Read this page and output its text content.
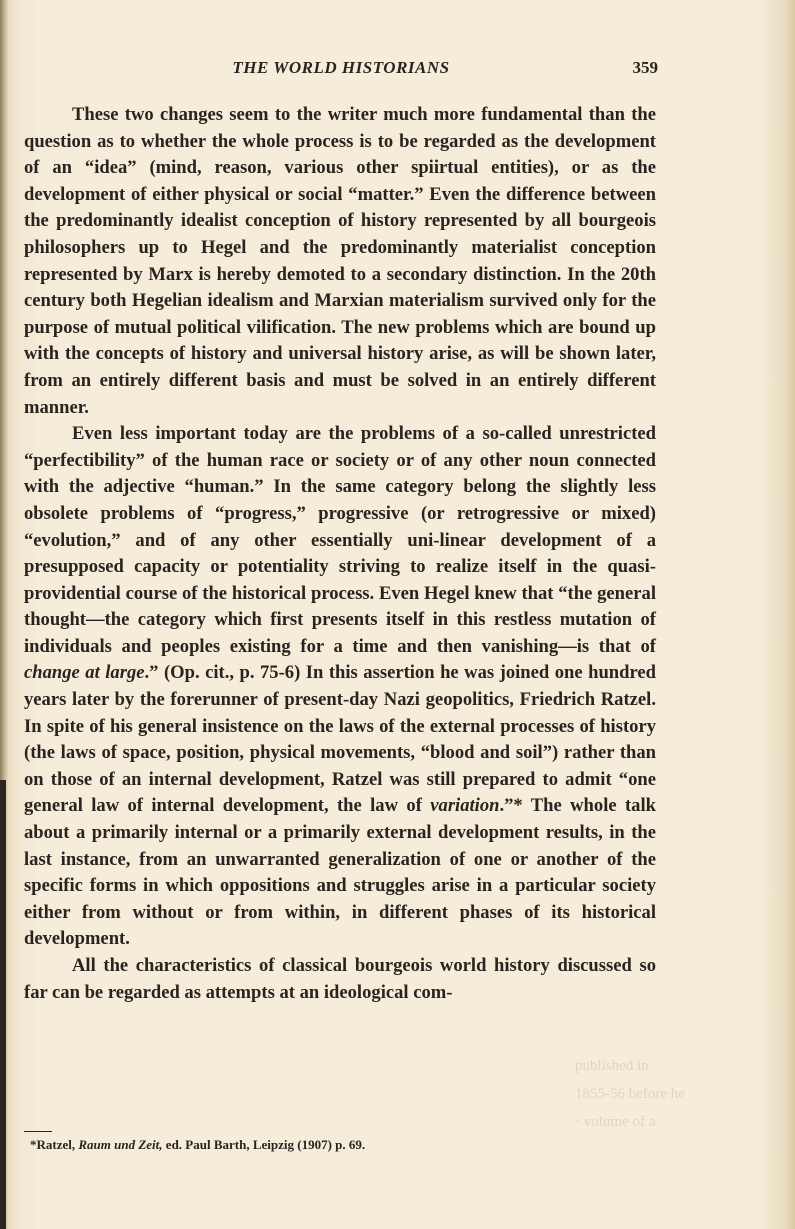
THE WORLD HISTORIANS	359

These two changes seem to the writer much more fundamental than the question as to whether the whole process is to be regarded as the development of an “idea” (mind, reason, various other spiirtual entities), or as the development of either physical or social “matter.” Even the difference between the predominantly idealist conception of history represented by all bourgeois philosophers up to Hegel and the predominantly materialist conception represented by Marx is hereby demoted to a secondary distinction. In the 20th century both Hegelian idealism and Marxian materialism survived only for the purpose of mutual political vilification. The new problems which are bound up with the concepts of history and universal history arise, as will be shown later, from an entirely different basis and must be solved in an entirely different manner.

Even less important today are the problems of a so-called unrestricted “perfectibility” of the human race or society or of any other noun connected with the adjective “human.” In the same category belong the slightly less obsolete problems of “progress,” progressive (or retrogressive or mixed) “evolution,” and of any other essentially uni-linear development of a presupposed capacity or potentiality striving to realize itself in the quasi-providential course of the historical process. Even Hegel knew that “the general thought—the category which first presents itself in this restless mutation of individuals and peoples existing for a time and then vanishing—is that of change at large.” (Op. cit., p. 75-6) In this assertion he was joined one hundred years later by the forerunner of present-day Nazi geopolitics, Friedrich Ratzel. In spite of his general insistence on the laws of the external processes of history (the laws of space, position, physical movements, “blood and soil”) rather than on those of an internal development, Ratzel was still prepared to admit “one general law of internal development, the law of variation.”* The whole talk about a primarily internal or a primarily external development results, in the last instance, from an unwarranted generalization of one or another of the specific forms in which oppositions and struggles arise in a particular society either from without or from within, in different phases of its historical development.

All the characteristics of classical bourgeois world history discussed so far can be regarded as attempts at an ideological com-

published in 1855-56 before he · volume of a
*Ratzel, Raum und Zeit, ed. Paul Barth, Leipzig (1907) p. 69.
